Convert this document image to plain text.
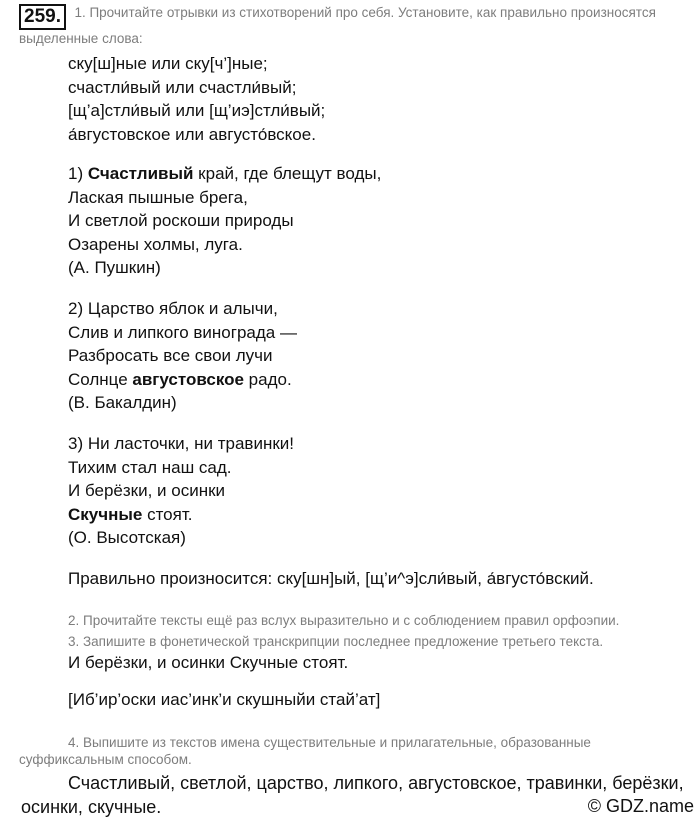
259. 1. Прочитайте отрывки из стихотворений про себя. Установите, как правильно произносятся выделенные слова:
ску[ш]ные или ску[ч’]ные;
счастли́вый или счастли́вый;
[щ’а]стли́вый или [щ’иэ]стли́вый;
а́вгустовское или августо́вское.
1) Счастливый край, где блещут воды,
Лаская пышные брега,
И светлой роскоши природы
Озарены холмы, луга.
(А. Пушкин)
2) Царство яблок и алычи,
Слив и липкого винограда —
Разбросать все свои лучи
Солнце августовское радо.
(В. Бакалдин)
3) Ни ласточки, ни травинки!
Тихим стал наш сад.
И берёзки, и осинки
Скучные стоят.
(О. Высотская)
Правильно произносится: ску[шн]ый, [щ’и^э]сли́вый, а́вгусто́вский.
2. Прочитайте тексты ещё раз вслух выразительно и с соблюдением правил орфоэпии.
3. Запишите в фонетической транскрипции последнее предложение третьего текста.
И берёзки, и осинки Скучные стоят.
[Иб’ир’оски иас’инк’и скушныйи стай’ат]
4. Выпишите из текстов имена существительные и прилагательные, образованные суффиксальным способом.
Счастливый, светлой, царство, липкого, августовское, травинки, берёзки,
осинки, скучные.	© GDZ.name
